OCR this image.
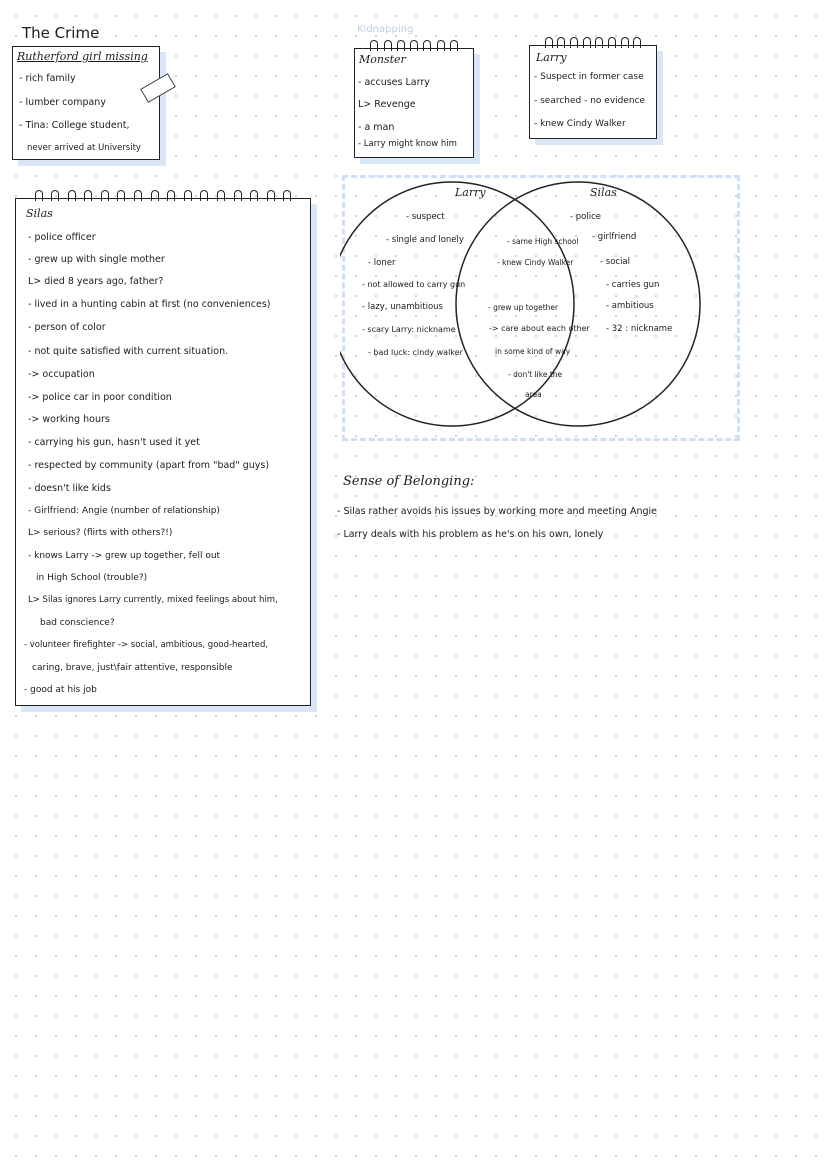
The Crime
Rutherford girl missing
- rich family
- lumber company
- Tina: College student,
never arrived at University
Kidnapping
Monster
- accuses Larry
L> Revenge
- a man
- Larry might know him
Larry
- Suspect in former case
- searched - no evidence
- knew Cindy Walker
Silas
- police officer
- grew up with single mother
L> died 8 years ago, father?
- lived in a hunting cabin at first (no conveniences)
- person of color
- not quite satisfied with current situation.
-> occupation
-> police car in poor condition
-> working hours
- carrying his gun, hasn't used it yet
- respected by community (apart from "bad" guys)
- doesn't like kids
- Girlfriend: Angie (number of relationship)
L> serious? (flirts with others?!)
- knows Larry -> grew up together, fell out
in High School (trouble?)
L> Silas ignores Larry currently, mixed feelings about him,
bad conscience?
- volunteer firefighter -> social, ambitious, good-hearted,
caring, brave, just\fair attentive, responsible
- good at his job
Larry	Silas
- suspect
- single and lonely
- loner
- not allowed to carry gun
- lazy, unambitious
- scary Larry: nickname
- bad luck: cindy walker
- same High school
- knew Cindy Walker
- grew up together
-> care about each other
in some kind of way
- don't like the
area
- police
- girlfriend
- social
- carries gun
- ambitious
- 32 : nickname
Sense of Belonging:
- Silas rather avoids his issues by working more and meeting Angie
- Larry deals with his problem as he's on his own, lonely
